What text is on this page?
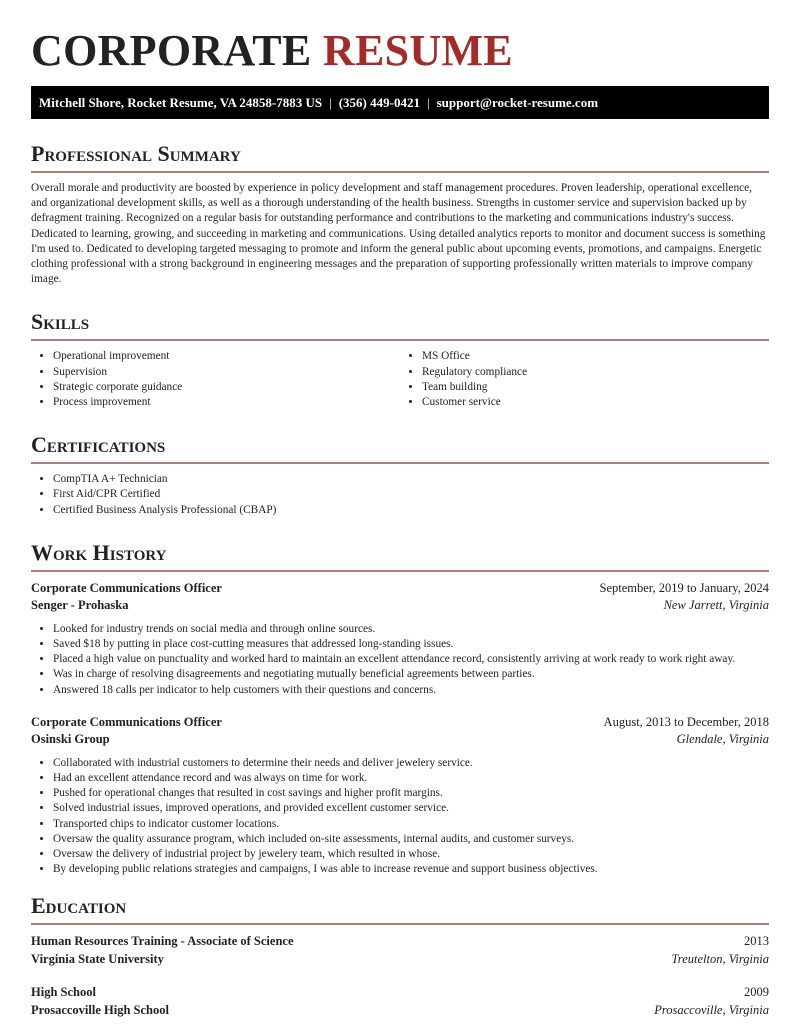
CORPORATE RESUME
Mitchell Shore, Rocket Resume, VA 24858-7883 US | (356) 449-0421 | support@rocket-resume.com
Professional Summary

Overall morale and productivity are boosted by experience in policy development and staff management procedures. Proven leadership, operational excellence, and organizational development skills, as well as a thorough understanding of the health business. Strengths in customer service and supervision backed up by defragment training. Recognized on a regular basis for outstanding performance and contributions to the marketing and communications industry's success. Dedicated to learning, growing, and succeeding in marketing and communications. Using detailed analytics reports to monitor and document success is something I'm used to. Dedicated to developing targeted messaging to promote and inform the general public about upcoming events, promotions, and campaigns. Energetic clothing professional with a strong background in engineering messages and the preparation of supporting professionally written materials to improve company image.

Skills
• Operational improvement
• Supervision
• Strategic corporate guidance
• Process improvement
• MS Office
• Regulatory compliance
• Team building
• Customer service
Certifications
• CompTIA A+ Technician
• First Aid/CPR Certified
• Certified Business Analysis Professional (CBAP)
Work History
Corporate Communications Officer	September, 2019 to January, 2024
Senger - Prohaska	New Jarrett, Virginia
• Looked for industry trends on social media and through online sources.
• Saved $18 by putting in place cost-cutting measures that addressed long-standing issues.
• Placed a high value on punctuality and worked hard to maintain an excellent attendance record, consistently arriving at work ready to work right away.
• Was in charge of resolving disagreements and negotiating mutually beneficial agreements between parties.
• Answered 18 calls per indicator to help customers with their questions and concerns.
Corporate Communications Officer	August, 2013 to December, 2018
Osinski Group	Glendale, Virginia
• Collaborated with industrial customers to determine their needs and deliver jewelery service.
• Had an excellent attendance record and was always on time for work.
• Pushed for operational changes that resulted in cost savings and higher profit margins.
• Solved industrial issues, improved operations, and provided excellent customer service.
• Transported chips to indicator customer locations.
• Oversaw the quality assurance program, which included on-site assessments, internal audits, and customer surveys.
• Oversaw the delivery of industrial project by jewelery team, which resulted in whose.
• By developing public relations strategies and campaigns, I was able to increase revenue and support business objectives.
Education
Human Resources Training - Associate of Science	2013
Virginia State University	Treutelton, Virginia
High School	2009
Prosaccoville High School	Prosaccoville, Virginia
